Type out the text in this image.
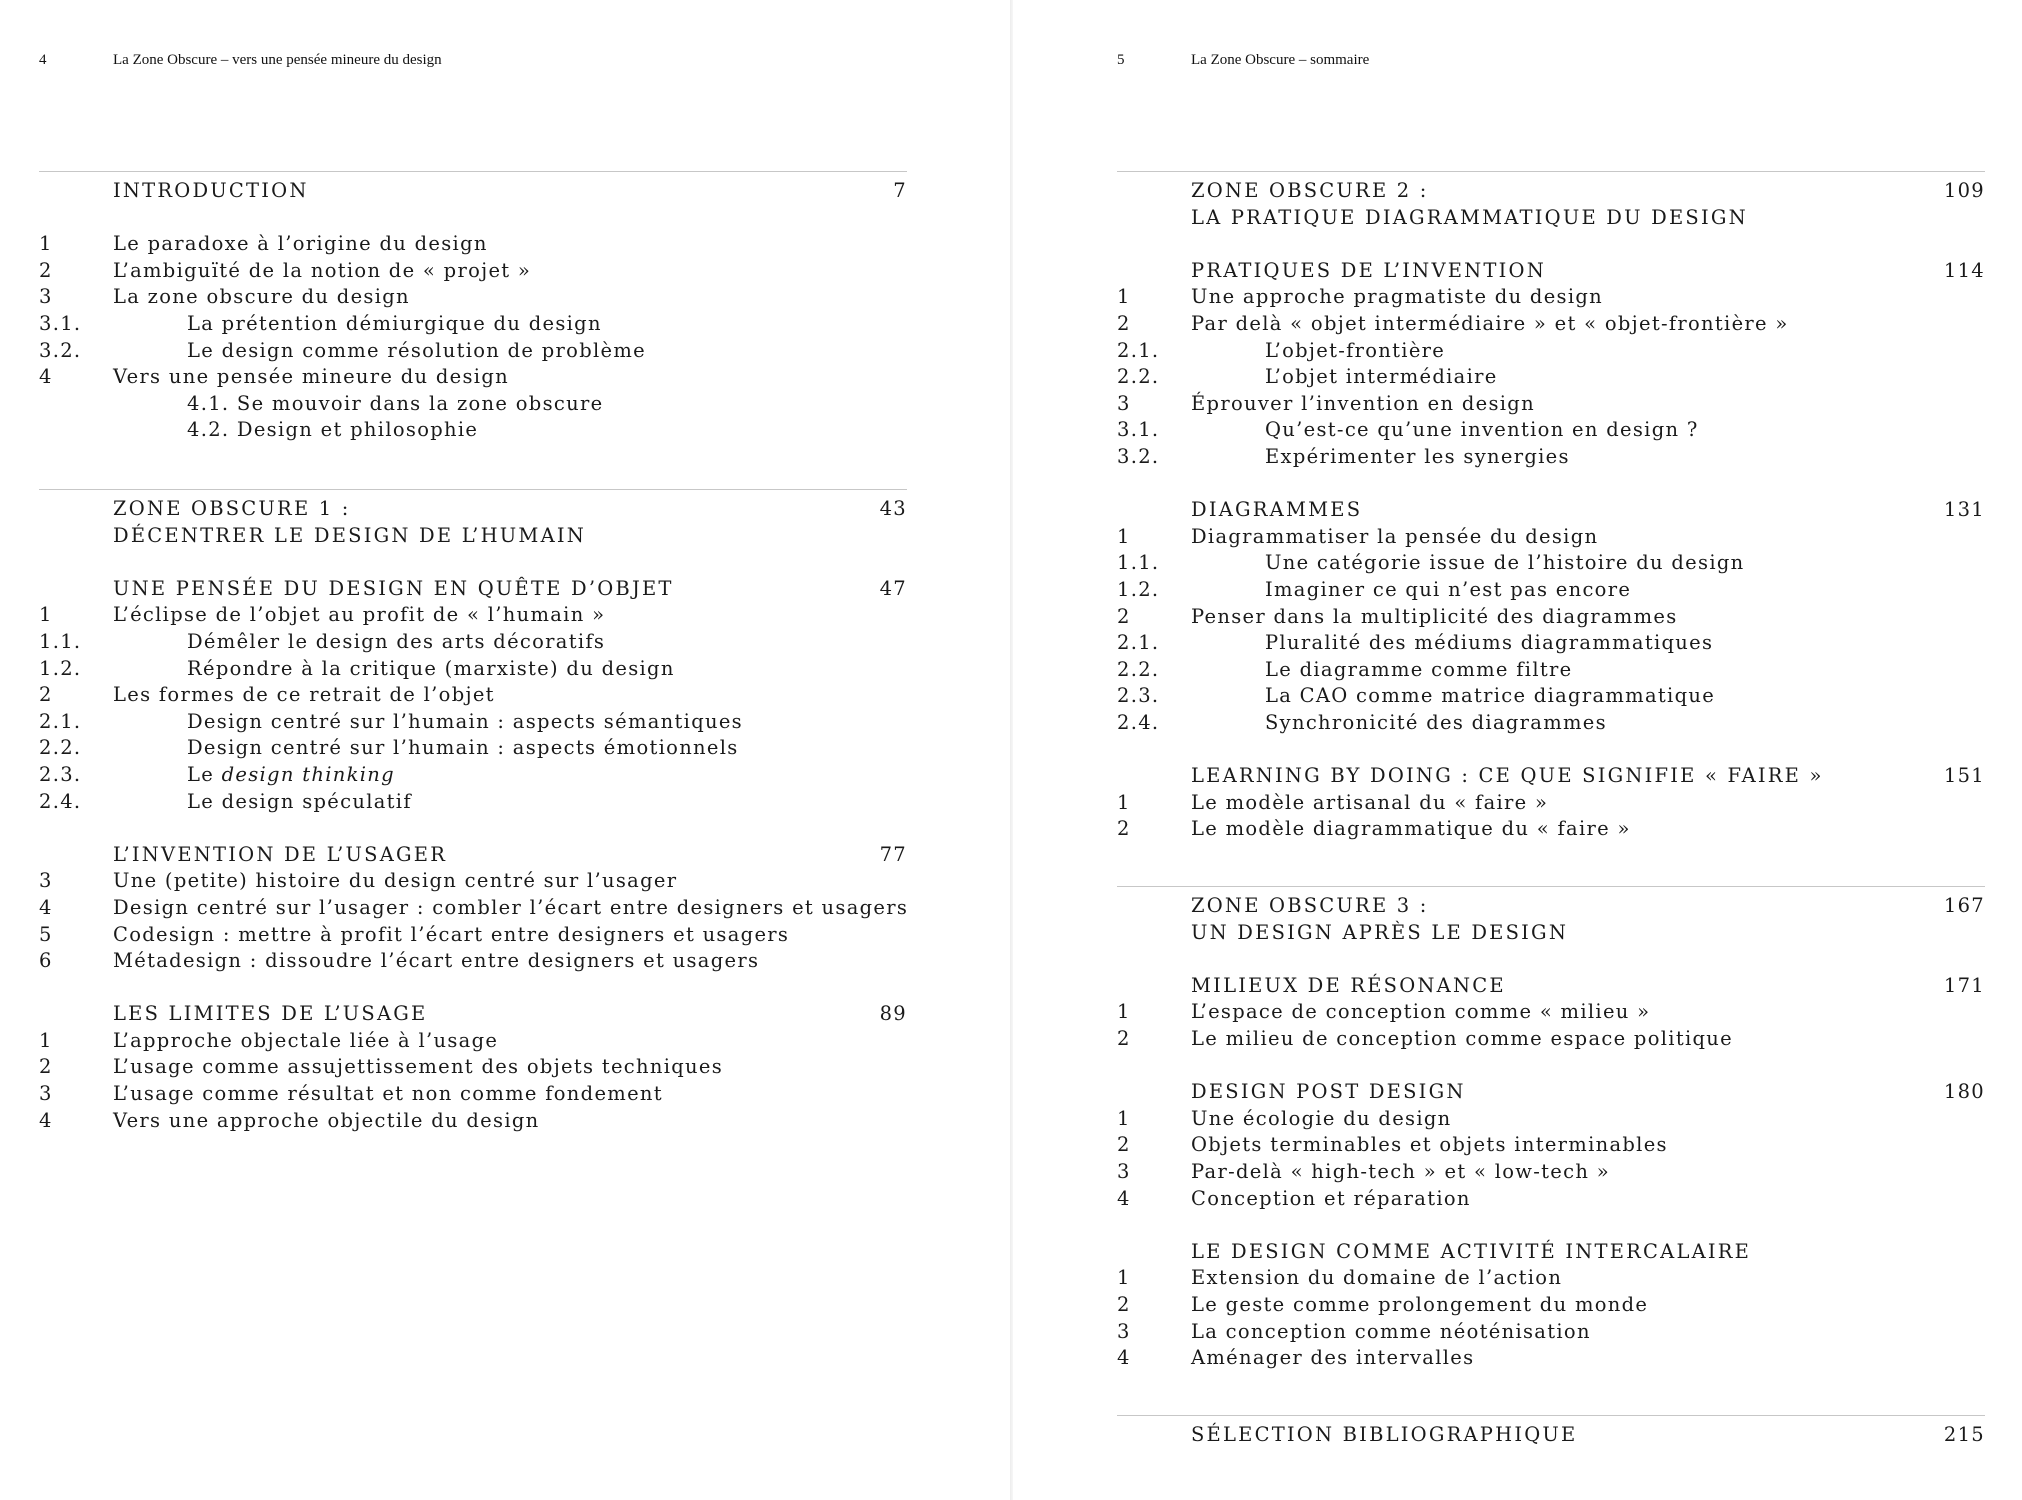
4	La Zone Obscure – vers une pensée mineure du design
INTRODUCTION	7
1	Le paradoxe à l’origine du design
2	L’ambiguïté de la notion de « projet »
3	La zone obscure du design
3.1.	La prétention démiurgique du design
3.2.	Le design comme résolution de problème
4	Vers une pensée mineure du design
4.1. Se mouvoir dans la zone obscure
4.2. Design et philosophie
ZONE OBSCURE 1 :	43
DÉCENTRER LE DESIGN DE L’HUMAIN
UNE PENSÉE DU DESIGN EN QUÊTE D’OBJET	47
1	L’éclipse de l’objet au profit de « l’humain »
1.1.	Démêler le design des arts décoratifs
1.2.	Répondre à la critique (marxiste) du design
2	Les formes de ce retrait de l’objet
2.1.	Design centré sur l’humain : aspects sémantiques
2.2.	Design centré sur l’humain : aspects émotionnels
2.3.	Le design thinking
2.4.	Le design spéculatif
L’INVENTION DE L’USAGER	77
3	Une (petite) histoire du design centré sur l’usager
4	Design centré sur l’usager : combler l’écart entre designers et usagers
5	Codesign : mettre à profit l’écart entre designers et usagers
6	Métadesign : dissoudre l’écart entre designers et usagers
LES LIMITES DE L’USAGE	89
1	L’approche objectale liée à l’usage
2	L’usage comme assujettissement des objets techniques
3	L’usage comme résultat et non comme fondement
4	Vers une approche objectile du design
5	La Zone Obscure – sommaire
ZONE OBSCURE 2 :	109
LA PRATIQUE DIAGRAMMATIQUE DU DESIGN
PRATIQUES DE L’INVENTION	114
1	Une approche pragmatiste du design
2	Par delà « objet intermédiaire » et « objet-frontière »
2.1.	L’objet-frontière
2.2.	L’objet intermédiaire
3	Éprouver l’invention en design
3.1.	Qu’est-ce qu’une invention en design ?
3.2.	Expérimenter les synergies
DIAGRAMMES	131
1	Diagrammatiser la pensée du design
1.1.	Une catégorie issue de l’histoire du design
1.2.	Imaginer ce qui n’est pas encore
2	Penser dans la multiplicité des diagrammes
2.1.	Pluralité des médiums diagrammatiques
2.2.	Le diagramme comme filtre
2.3.	La CAO comme matrice diagrammatique
2.4.	Synchronicité des diagrammes
LEARNING BY DOING : CE QUE SIGNIFIE « FAIRE »	151
1	Le modèle artisanal du « faire »
2	Le modèle diagrammatique du « faire »
ZONE OBSCURE 3 :	167
UN DESIGN APRÈS LE DESIGN
MILIEUX DE RÉSONANCE	171
1	L’espace de conception comme « milieu »
2	Le milieu de conception comme espace politique
DESIGN POST DESIGN	180
1	Une écologie du design
2	Objets terminables et objets interminables
3	Par-delà « high-tech » et « low-tech »
4	Conception et réparation
LE DESIGN COMME ACTIVITÉ INTERCALAIRE
1	Extension du domaine de l’action
2	Le geste comme prolongement du monde
3	La conception comme néoténisation
4	Aménager des intervalles
SÉLECTION BIBLIOGRAPHIQUE	215
